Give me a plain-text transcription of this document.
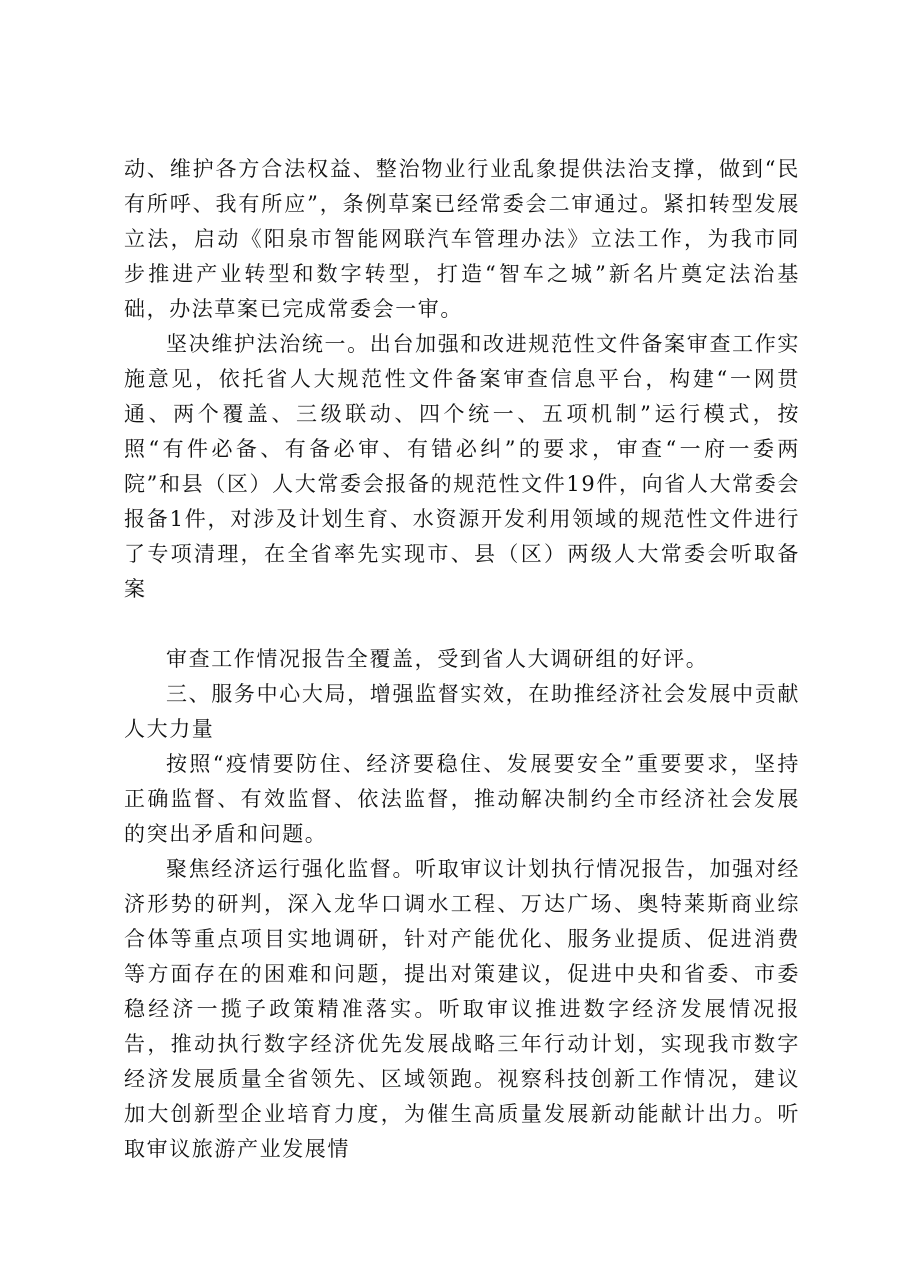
动、维护各方合法权益、整治物业行业乱象提供法治支撑，做到“民有所呼、我有所应”，条例草案已经常委会二审通过。紧扣转型发展立法，启动《阳泉市智能网联汽车管理办法》立法工作，为我市同步推进产业转型和数字转型，打造“智车之城”新名片奠定法治基础，办法草案已完成常委会一审。

坚决维护法治统一。出台加强和改进规范性文件备案审查工作实施意见，依托省人大规范性文件备案审查信息平台，构建“一网贯通、两个覆盖、三级联动、四个统一、五项机制”运行模式，按照“有件必备、有备必审、有错必纠”的要求，审查“一府一委两院”和县（区）人大常委会报备的规范性文件19件，向省人大常委会报备1件，对涉及计划生育、水资源开发利用领域的规范性文件进行了专项清理，在全省率先实现市、县（区）两级人大常委会听取备案

审查工作情况报告全覆盖，受到省人大调研组的好评。

三、服务中心大局，增强监督实效，在助推经济社会发展中贡献人大力量

按照“疫情要防住、经济要稳住、发展要安全”重要要求，坚持正确监督、有效监督、依法监督，推动解决制约全市经济社会发展的突出矛盾和问题。

聚焦经济运行强化监督。听取审议计划执行情况报告，加强对经济形势的研判，深入龙华口调水工程、万达广场、奥特莱斯商业综合体等重点项目实地调研，针对产能优化、服务业提质、促进消费等方面存在的困难和问题，提出对策建议，促进中央和省委、市委稳经济一揽子政策精准落实。听取审议推进数字经济发展情况报告，推动执行数字经济优先发展战略三年行动计划，实现我市数字经济发展质量全省领先、区域领跑。视察科技创新工作情况，建议加大创新型企业培育力度，为催生高质量发展新动能献计出力。听取审议旅游产业发展情
